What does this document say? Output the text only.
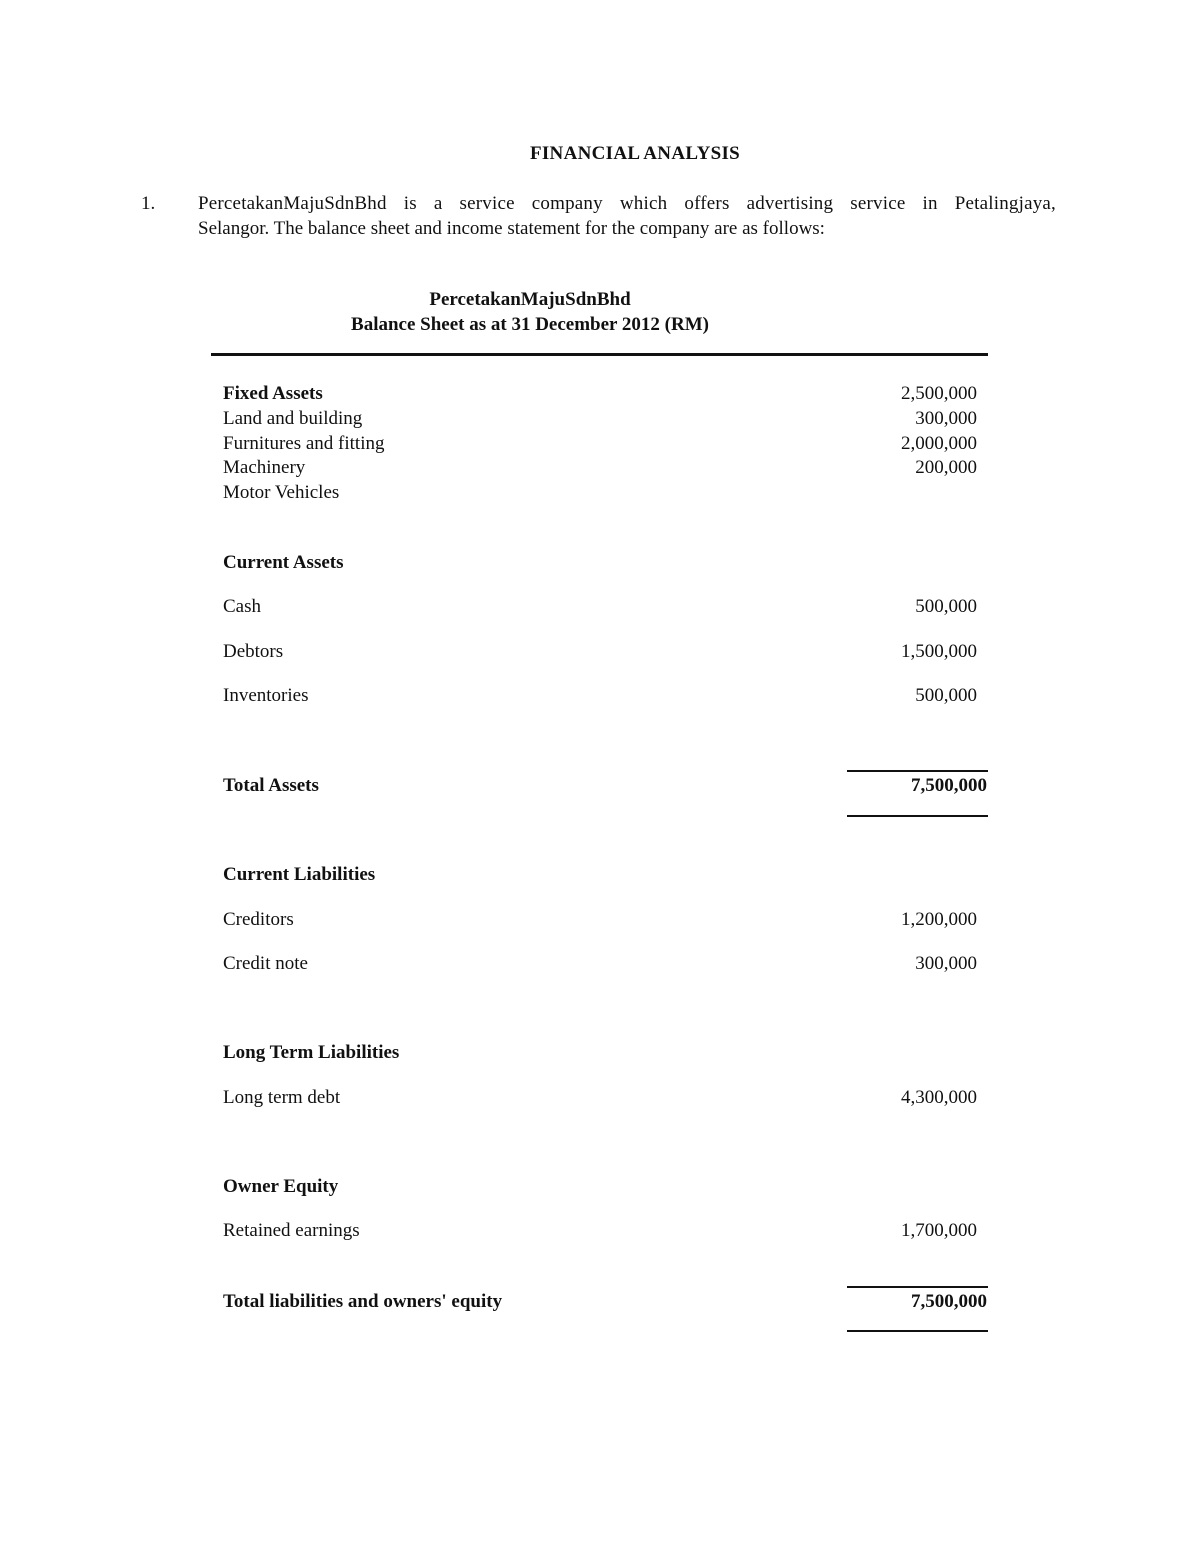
FINANCIAL ANALYSIS
1. PercetakanMajuSdnBhd is a service company which offers advertising service in Petalingjaya,
Selangor. The balance sheet and income statement for the company are as follows:
PercetakanMajuSdnBhd
Balance Sheet as at 31 December 2012 (RM)
Fixed Assets	2,500,000
Land and building	300,000
Furnitures and fitting	2,000,000
Machinery	200,000
Motor Vehicles
Current Assets
Cash	500,000
Debtors	1,500,000
Inventories	500,000
Total Assets	7,500,000
Current Liabilities
Creditors	1,200,000
Credit note	300,000
Long Term Liabilities
Long term debt	4,300,000
Owner Equity
Retained earnings	1,700,000
Total liabilities and owners' equity	7,500,000
